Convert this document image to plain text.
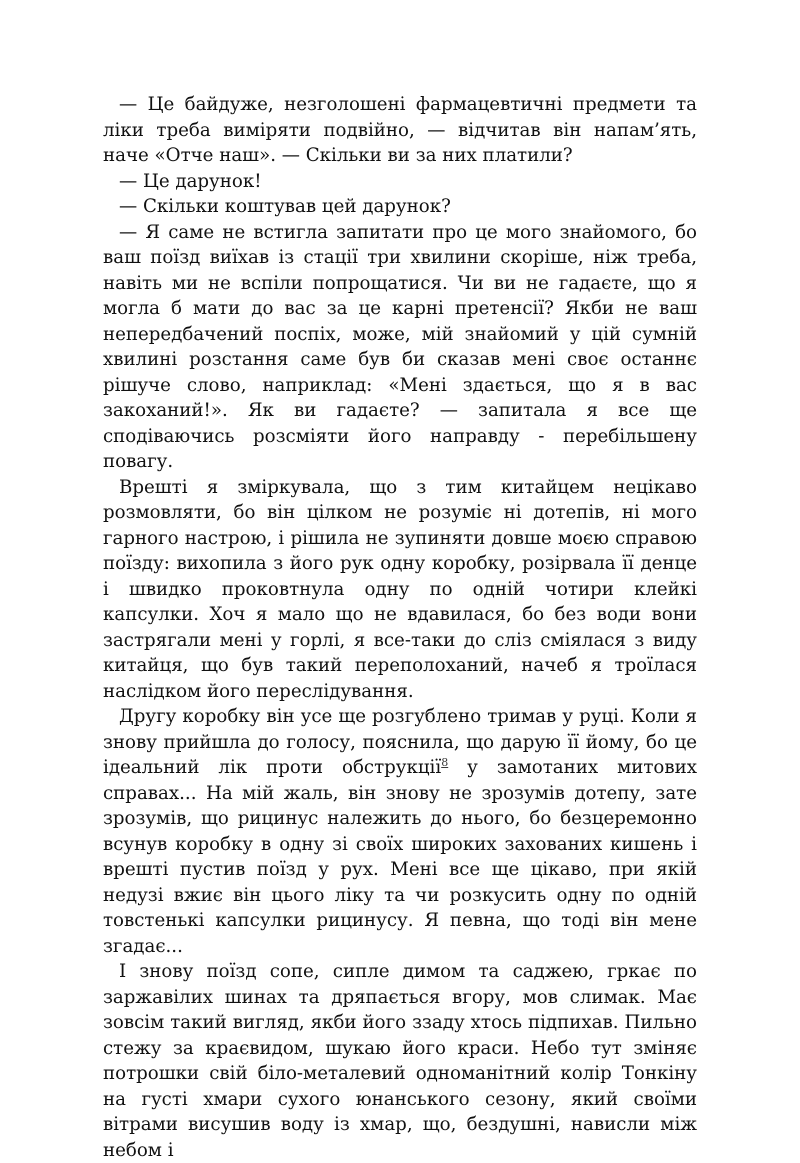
— Це байдуже, незголошені фармацевтичні предмети та ліки треба виміряти подвійно, — відчитав він напам’ять, наче «Отче наш». — Скільки ви за них платили?

— Це дарунок!

— Скільки коштував цей дарунок?

— Я саме не встигла запитати про це мого знайомого, бо ваш поїзд виїхав із стації три хвилини скоріше, ніж треба, навіть ми не вспіли попрощатися. Чи ви не гадаєте, що я могла б мати до вас за це карні претенсії? Якби не ваш непередбачений поспіх, може, мій знайомий у цій сумній хвилині розстання саме був би сказав мені своє останнє рішуче слово, наприклад: «Мені здається, що я в вас закоханий!». Як ви гадаєте? — запитала я все ще сподіваючись розсміяти його направду - перебільшену повагу.

Врешті я зміркувала, що з тим китайцем нецікаво розмовляти, бо він цілком не розуміє ні дотепів, ні мого гарного настрою, і рішила не зупиняти довше моєю справою поїзду: вихопила з його рук одну коробку, розірвала її денце і швидко проковтнула одну по одній чотири клейкі капсулки. Хоч я мало що не вдавилася, бо без води вони застрягали мені у горлі, я все-таки до сліз сміялася з виду китайця, що був такий переполоханий, начеб я троїлася наслідком його переслідування.

Другу коробку він усе ще розгублено тримав у руці. Коли я знову прийшла до голосу, пояснила, що дарую її йому, бо це ідеальний лік проти обструкції$^8$ у замотаних митових справах... На мій жаль, він знову не зрозумів дотепу, зате зрозумів, що рицинус належить до нього, бо безцеремонно всунув коробку в одну зі своїх широких захованих кишень і врешті пустив поїзд у рух. Мені все ще цікаво, при якій недузі вжиє він цього ліку та чи розкусить одну по одній товстенькі капсулки рицинусу. Я певна, що тоді він мене згадає...

І знову поїзд сопе, сипле димом та саджею, гркає по заржавілих шинах та дряпається вгору, мов слимак. Має зовсім такий вигляд, якби його ззаду хтось підпихав. Пильно стежу за краєвидом, шукаю його краси. Небо тут зміняє потрошки свій біло-металевий одноманітний колір Тонкіну на густі хмари сухого юнанського сезону, який своїми вітрами висушив воду із хмар, що, бездушні, нависли між небом і
